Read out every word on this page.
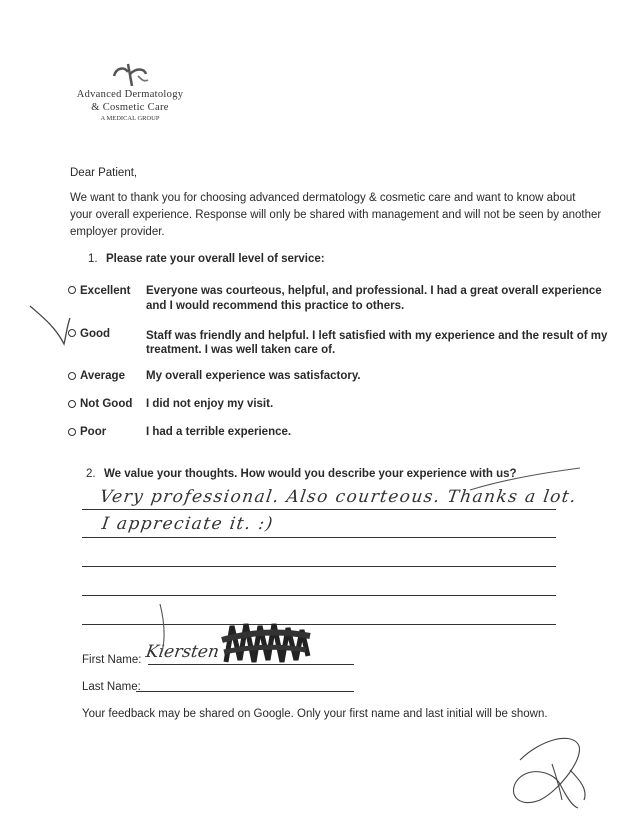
Advanced Dermatology
& Cosmetic Care
A MEDICAL GROUP
Dear Patient,
We want to thank you for choosing advanced dermatology & cosmetic care and want to know about
your overall experience. Response will only be shared with management and will not be seen by another
employer provider.
1. Please rate your overall level of service:
Excellent Everyone was courteous, helpful, and professional. I had a great overall experience
and I would recommend this practice to others.
Good	Staff was friendly and helpful. I left satisfied with my experience and the result of my
treatment. I was well taken care of.
Average My overall experience was satisfactory.
Not Good I did not enjoy my visit.
Poor	I had a terrible experience.
2. We value your thoughts. How would you describe your experience with us?
Very professional. Also courteous. Thanks a lot.
I appreciate it. :)
First Name: Kiersten
Last Name:
Your feedback may be shared on Google. Only your first name and last initial will be shown.
